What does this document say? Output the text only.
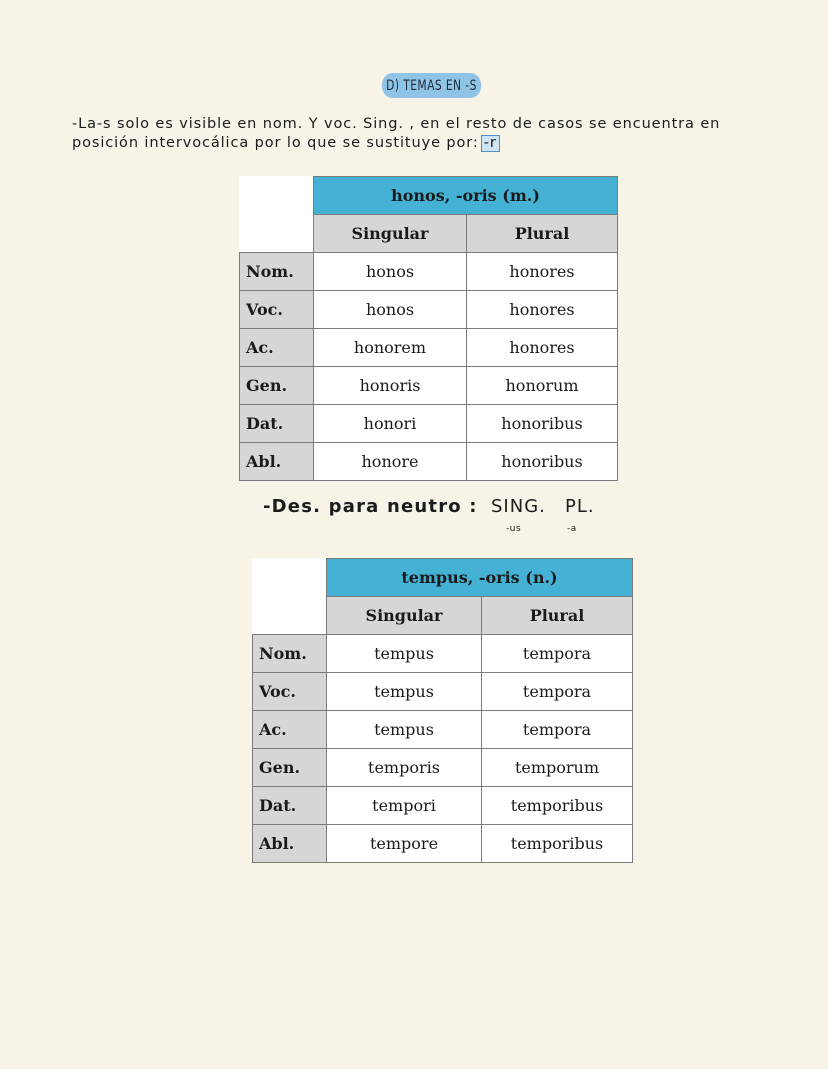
D) TEMAS EN -S
-La-s solo es visible en nom. Y voc. Sing. , en el resto de casos se encuentra en
posición intervocálica por lo que se sustituye por: -r
	honos, -oris (m.)	
	Singular	Plural
Nom.	honos	honores
Voc.	honos	honores
Ac.	honorem	honores
Gen.	honoris	honorum
Dat.	honori	honoribus
Abl.	honore	honoribus
-Des. para neutro : SING. PL.
-us	-a
	tempus, -oris (n.)	
	Singular	Plural
Nom.	tempus	tempora
Voc.	tempus	tempora
Ac.	tempus	tempora
Gen.	temporis	temporum
Dat.	tempori	temporibus
Abl.	tempore	temporibus
